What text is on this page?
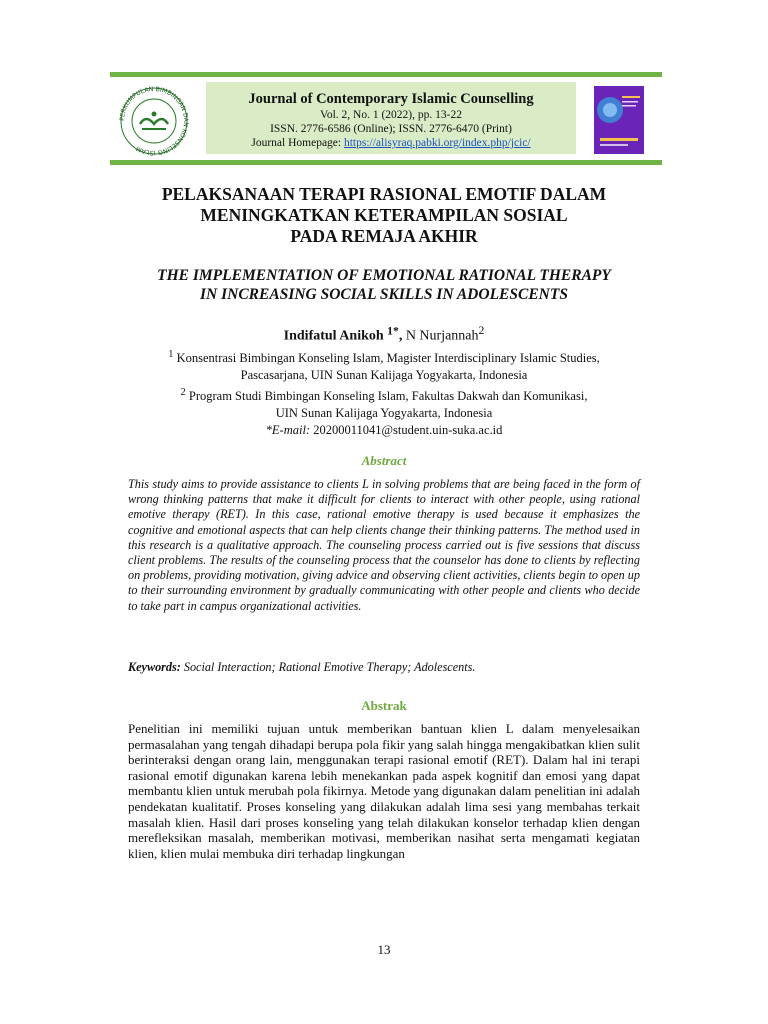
PERKUMPULAN BIMBINGAN DAN KONSELING ISLAM
Journal of Contemporary Islamic Counselling
Vol. 2, No. 1 (2022), pp. 13-22
ISSN. 2776-6586 (Online); ISSN. 2776-6470 (Print)
Journal Homepage: https://alisyraq.pabki.org/index.php/jcic/
PELAKSANAAN TERAPI RASIONAL EMOTIF DALAM
MENINGKATKAN KETERAMPILAN SOSIAL
PADA REMAJA AKHIR
THE IMPLEMENTATION OF EMOTIONAL RATIONAL THERAPY
IN INCREASING SOCIAL SKILLS IN ADOLESCENTS
Indifatul Anikoh $^{1*}$, N Nurjannah$^2$

$^1$ Konsentrasi Bimbingan Konseling Islam, Magister Interdisciplinary Islamic Studies,

Pascasarjana, UIN Sunan Kalijaga Yogyakarta, Indonesia

$^2$ Program Studi Bimbingan Konseling Islam, Fakultas Dakwah dan Komunikasi,

UIN Sunan Kalijaga Yogyakarta, Indonesia

*E-mail: 20200011041@student.uin-suka.ac.id

Abstract

This study aims to provide assistance to clients L in solving problems that are being faced in the form of wrong thinking patterns that make it difficult for clients to interact with other people, using rational emotive therapy (RET). In this case, rational emotive therapy is used because it emphasizes the cognitive and emotional aspects that can help clients change their thinking patterns. The method used in this research is a qualitative approach. The counseling process carried out is five sessions that discuss client problems. The results of the counseling process that the counselor has done to clients by reflecting on problems, providing motivation, giving advice and observing client activities, clients begin to open up to their surrounding environment by gradually communicating with other people and clients who decide to take part in campus organizational activities.

Keywords: Social Interaction; Rational Emotive Therapy; Adolescents.

Abstrak

Penelitian ini memiliki tujuan untuk memberikan bantuan klien L dalam menyelesaikan permasalahan yang tengah dihadapi berupa pola fikir yang salah hingga mengakibatkan klien sulit berinteraksi dengan orang lain, menggunakan terapi rasional emotif (RET). Dalam hal ini terapi rasional emotif digunakan karena lebih menekankan pada aspek kognitif dan emosi yang dapat membantu klien untuk merubah pola fikirnya. Metode yang digunakan dalam penelitian ini adalah pendekatan kualitatif. Proses konseling yang dilakukan adalah lima sesi yang membahas terkait masalah klien. Hasil dari proses konseling yang telah dilakukan konselor terhadap klien dengan merefleksikan masalah, memberikan motivasi, memberikan nasihat serta mengamati kegiatan klien, klien mulai membuka diri terhadap lingkungan

13
